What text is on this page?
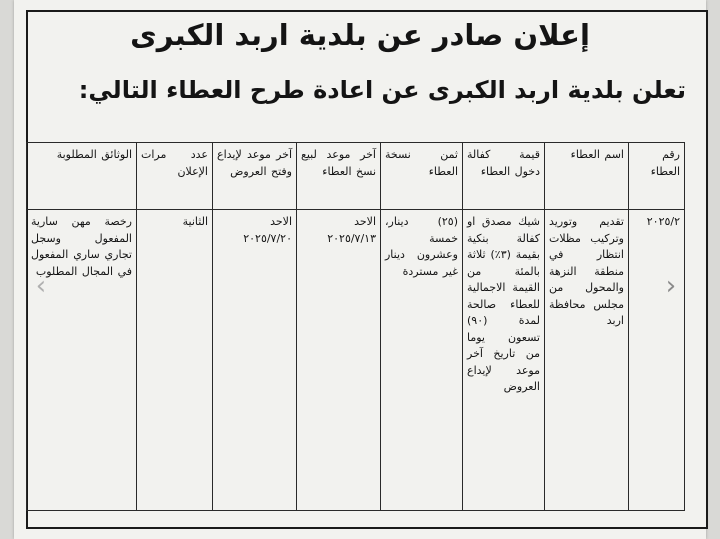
إعلان صادر عن بلدية اربد الكبرى
تعلن بلدية اربد الكبرى عن اعادة طرح العطاء التالي:
رقم العطاء	اسم العطاء	قيمة كفالة دخول العطاء	ثمن نسخة العطاء	آخر موعد لبيع نسخ العطاء	آخر موعد لإيداع وفتح العروض	عدد مرات الإعلان	الوثائق المطلوبة
٢٠٢٥/٢	تقديم وتوريد وتركيب مظلات انتظار في منطقة النزهة والمحول من مجلس محافظة اربد	شيك مصدق او كفالة بنكية بقيمة (٣٪) ثلاثة بالمئة من القيمة الاجمالية للعطاء صالحة لمدة (٩٠) تسعون يوما من تاريخ آخر موعد لإيداع العروض	(٢٥) دينار، خمسة وعشرون دينار غير مستردة	الاحد ٢٠٢٥/٧/١٣	الاحد ٢٠٢٥/٧/٢٠	الثانية	رخصة مهن سارية المفعول وسجل تجاري ساري المفعول في المجال المطلوب
‹	›
